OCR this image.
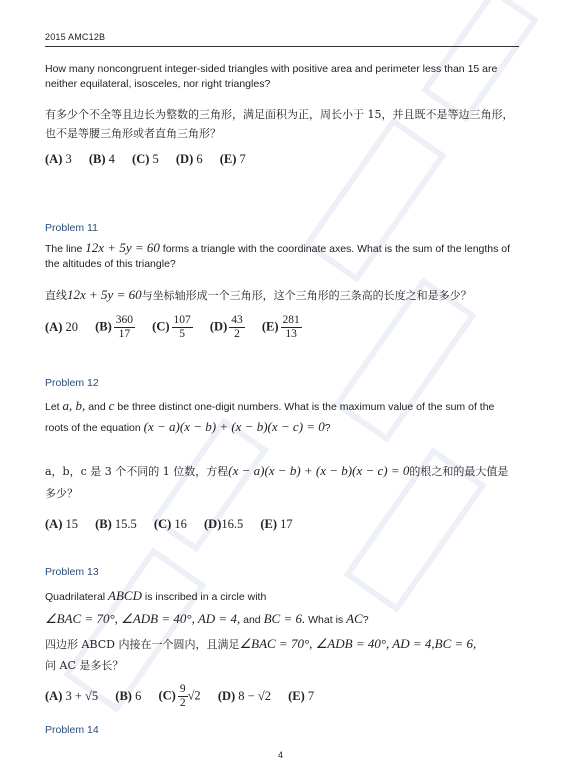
2015 AMC12B

How many noncongruent integer-sided triangles with positive area and perimeter less than 15 are neither equilateral, isosceles, nor right triangles?

有多少个不全等且边长为整数的三角形，满足面积为正，周长小于 15，并且既不是等边三角形，也不是等腰三角形或者直角三角形？

(A) 3 (B) 4 (C) 5 (D) 6 (E) 7

Problem 11

The line 12x + 5y = 60 forms a triangle with the coordinate axes. What is the sum of the lengths of the altitudes of this triangle?

直线12x + 5y = 60与坐标轴形成一个三角形，这个三角形的三条高的长度之和是多少？

(A) 20 $(B) \frac{360}{17} (C) \frac{107}{5} (D) \frac{43}{2} (E) \frac{281}{13}$

Problem 12

Let a, b, and c be three distinct one-digit numbers. What is the maximum value of the sum of the roots of the equation (x − a)(x − b) + (x − b)(x − c) = 0?

a，b，c 是 3 个不同的 1 位数，方程(x − a)(x − b) + (x − b)(x − c) = 0的根之和的最大值是多少？

(A) 15 (B) 15.5 (C) 16 (D)16.5 (E) 17

Problem 13

Quadrilateral ABCD is inscribed in a circle with
∠BAC = 70°, ∠ADB = 40°, AD = 4, and BC = 6. What is AC?

四边形 ABCD 内接在一个圆内，且满足∠BAC = 70°, ∠ADB = 40°, AD = 4,BC = 6,
问 AC 是多长？

(A) 3 + √5 (B) 6 $(C) \frac{9}{2} √2$ (D) 8 − √2 (E) 7

Problem 14

4
